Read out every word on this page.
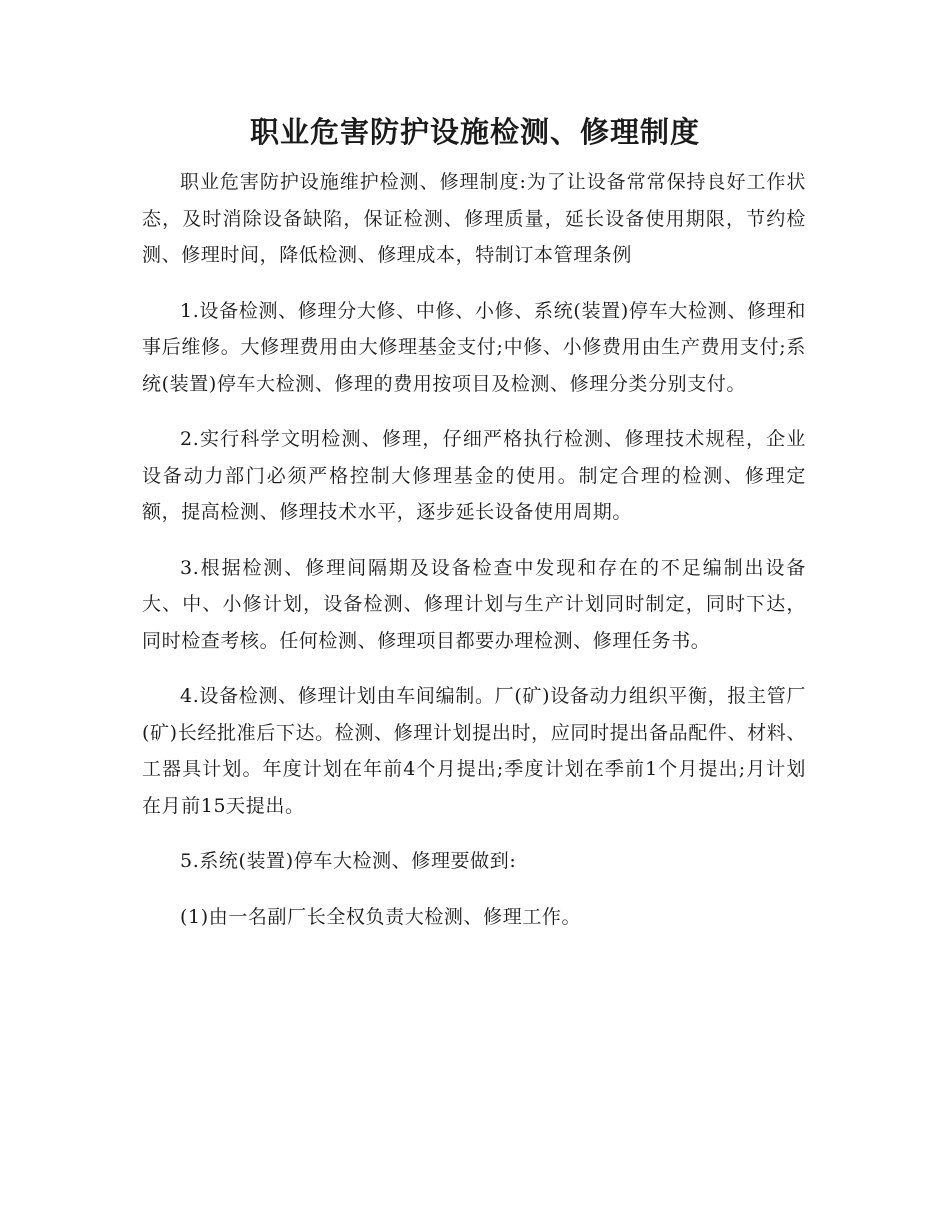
职业危害防护设施检测、修理制度

职业危害防护设施维护检测、修理制度:为了让设备常常保持良好工作状态，及时消除设备缺陷，保证检测、修理质量，延长设备使用期限，节约检测、修理时间，降低检测、修理成本，特制订本管理条例

1.设备检测、修理分大修、中修、小修、系统(装置)停车大检测、修理和事后维修。大修理费用由大修理基金支付;中修、小修费用由生产费用支付;系统(装置)停车大检测、修理的费用按项目及检测、修理分类分别支付。

2.实行科学文明检测、修理，仔细严格执行检测、修理技术规程，企业设备动力部门必须严格控制大修理基金的使用。制定合理的检测、修理定额，提高检测、修理技术水平，逐步延长设备使用周期。

3.根据检测、修理间隔期及设备检查中发现和存在的不足编制出设备大、中、小修计划，设备检测、修理计划与生产计划同时制定，同时下达，同时检查考核。任何检测、修理项目都要办理检测、修理任务书。

4.设备检测、修理计划由车间编制。厂(矿)设备动力组织平衡，报主管厂(矿)长经批准后下达。检测、修理计划提出时，应同时提出备品配件、材料、工器具计划。年度计划在年前4个月提出;季度计划在季前1个月提出;月计划在月前15天提出。

5.系统(装置)停车大检测、修理要做到:

(1)由一名副厂长全权负责大检测、修理工作。
